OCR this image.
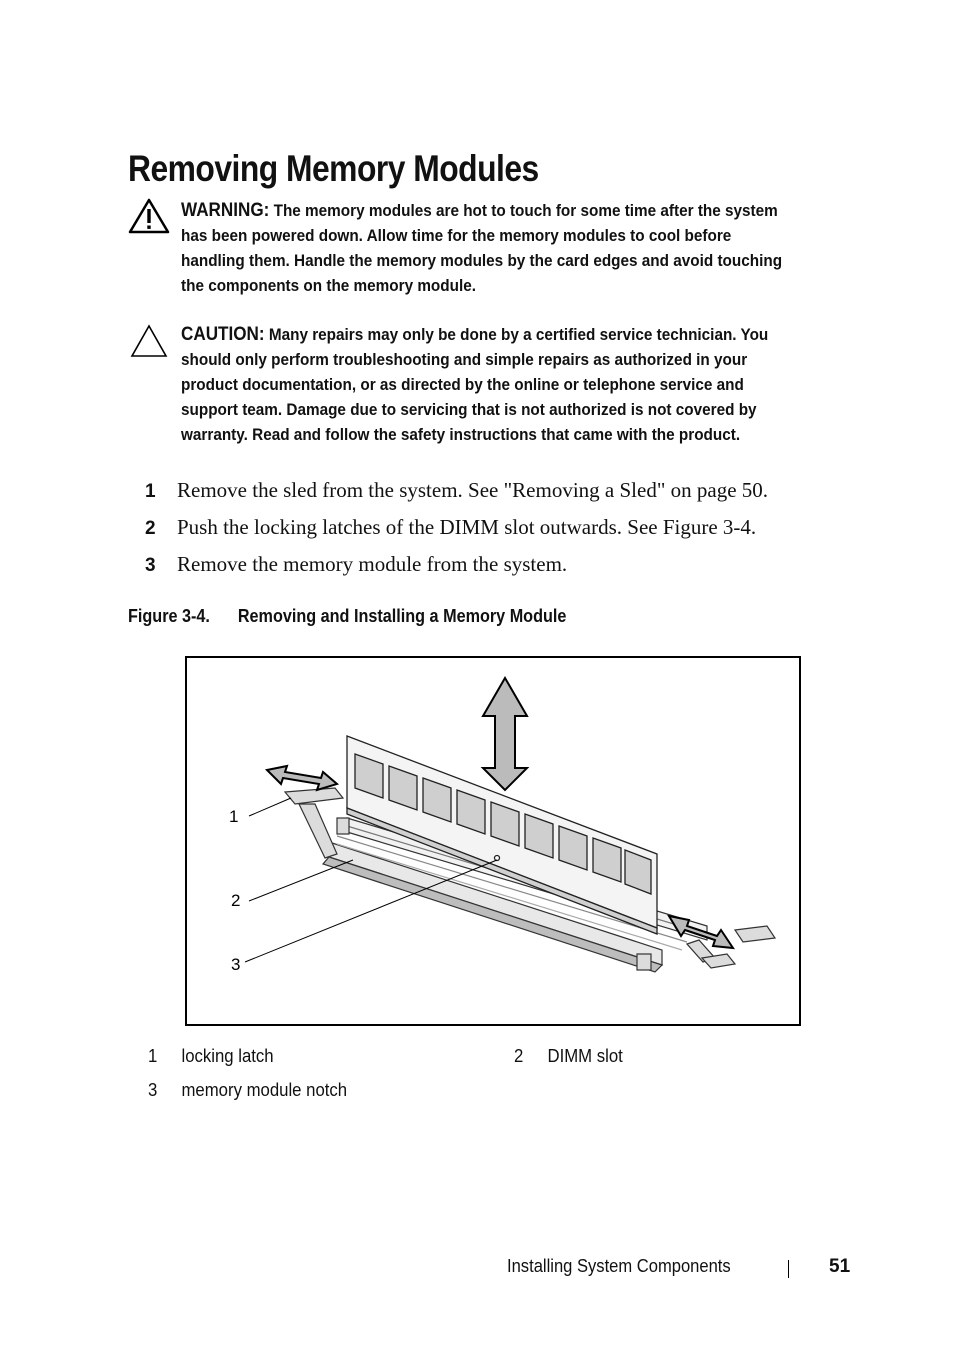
Removing Memory Modules
WARNING: The memory modules are hot to touch for some time after the system
has been powered down. Allow time for the memory modules to cool before
handling them. Handle the memory modules by the card edges and avoid touching
the components on the memory module.
CAUTION: Many repairs may only be done by a certified service technician. You
should only perform troubleshooting and simple repairs as authorized in your
product documentation, or as directed by the online or telephone service and
support team. Damage due to servicing that is not authorized is not covered by
warranty. Read and follow the safety instructions that came with the product.
1	Remove the sled from the system. See "Removing a Sled" on page 50.
2	Push the locking latches of the DIMM slot outwards. See Figure 3-4.
3	Remove the memory module from the system.
Figure 3-4. Removing and Installing a Memory Module
1
2
3
1 locking latch	2 DIMM slot
3 memory module notch
Installing System Components	51
